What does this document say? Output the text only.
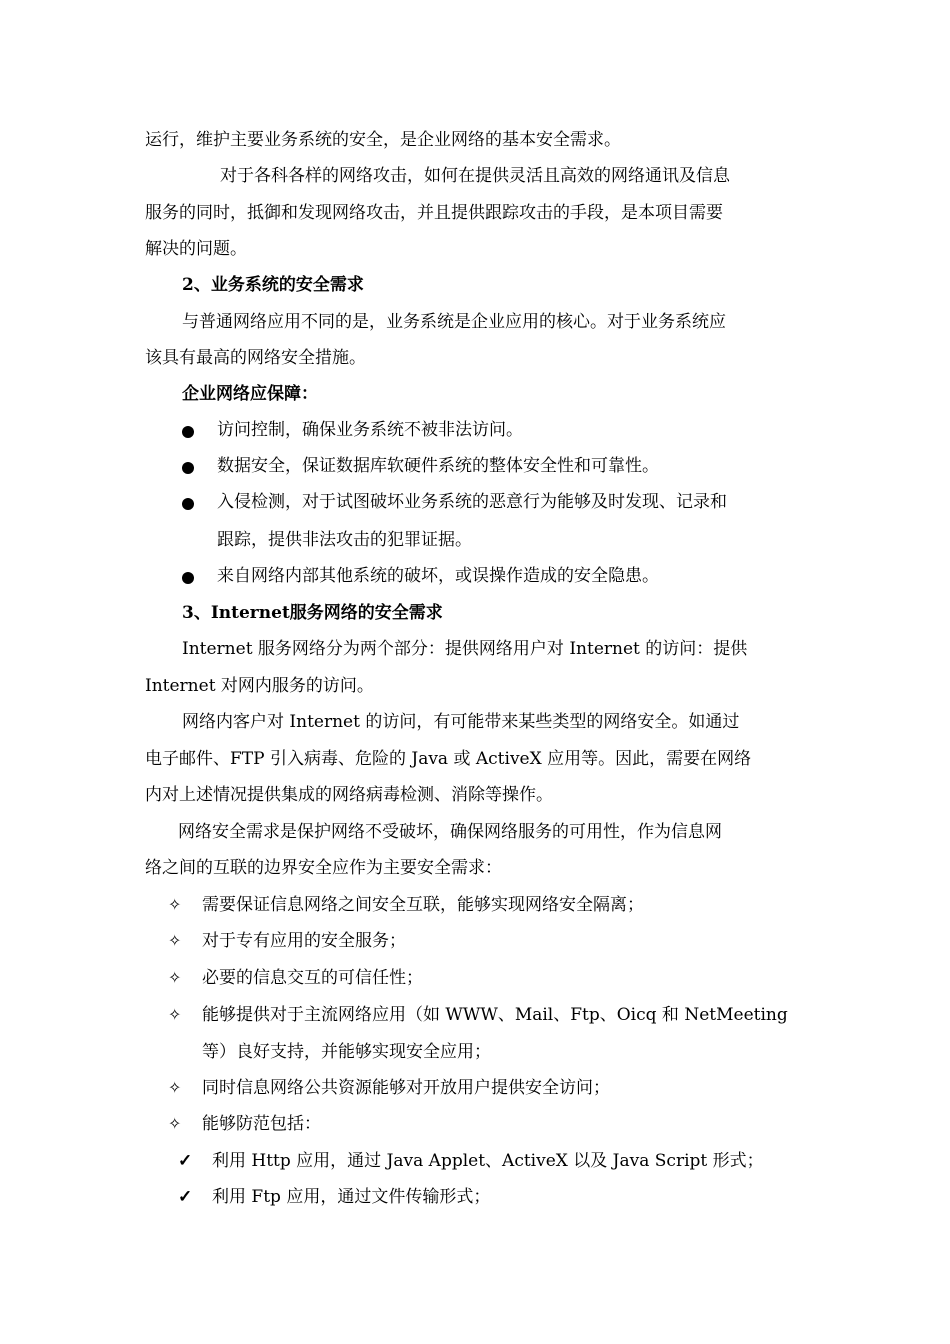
运行，维护主要业务系统的安全，是企业网络的基本安全需求。
对于各科各样的网络攻击，如何在提供灵活且高效的网络通讯及信息
服务的同时，抵御和发现网络攻击，并且提供跟踪攻击的手段，是本项目需要
解决的问题。
2、业务系统的安全需求
与普通网络应用不同的是，业务系统是企业应用的核心。对于业务系统应
该具有最高的网络安全措施。
企业网络应保障：
访问控制，确保业务系统不被非法访问。
数据安全，保证数据库软硬件系统的整体安全性和可靠性。
入侵检测，对于试图破坏业务系统的恶意行为能够及时发现、记录和
跟踪，提供非法攻击的犯罪证据。
来自网络内部其他系统的破坏，或误操作造成的安全隐患。
3、Internet服务网络的安全需求
Internet 服务网络分为两个部分：提供网络用户对 Internet 的访问：提供
Internet 对网内服务的访问。
网络内客户对 Internet 的访问，有可能带来某些类型的网络安全。如通过
电子邮件、FTP 引入病毒、危险的 Java 或 ActiveX 应用等。因此，需要在网络
内对上述情况提供集成的网络病毒检测、消除等操作。
网络安全需求是保护网络不受破坏，确保网络服务的可用性，作为信息网
络之间的互联的边界安全应作为主要安全需求：
✧	需要保证信息网络之间安全互联，能够实现网络安全隔离；
✧	对于专有应用的安全服务；
✧	必要的信息交互的可信任性；
✧	能够提供对于主流网络应用（如 WWW、Mail、Ftp、Oicq 和 NetMeeting
等）良好支持，并能够实现安全应用；
✧	同时信息网络公共资源能够对开放用户提供安全访问；
✧	能够防范包括：
✓	利用 Http 应用，通过 Java Applet、ActiveX 以及 Java Script 形式；
✓	利用 Ftp 应用，通过文件传输形式；
